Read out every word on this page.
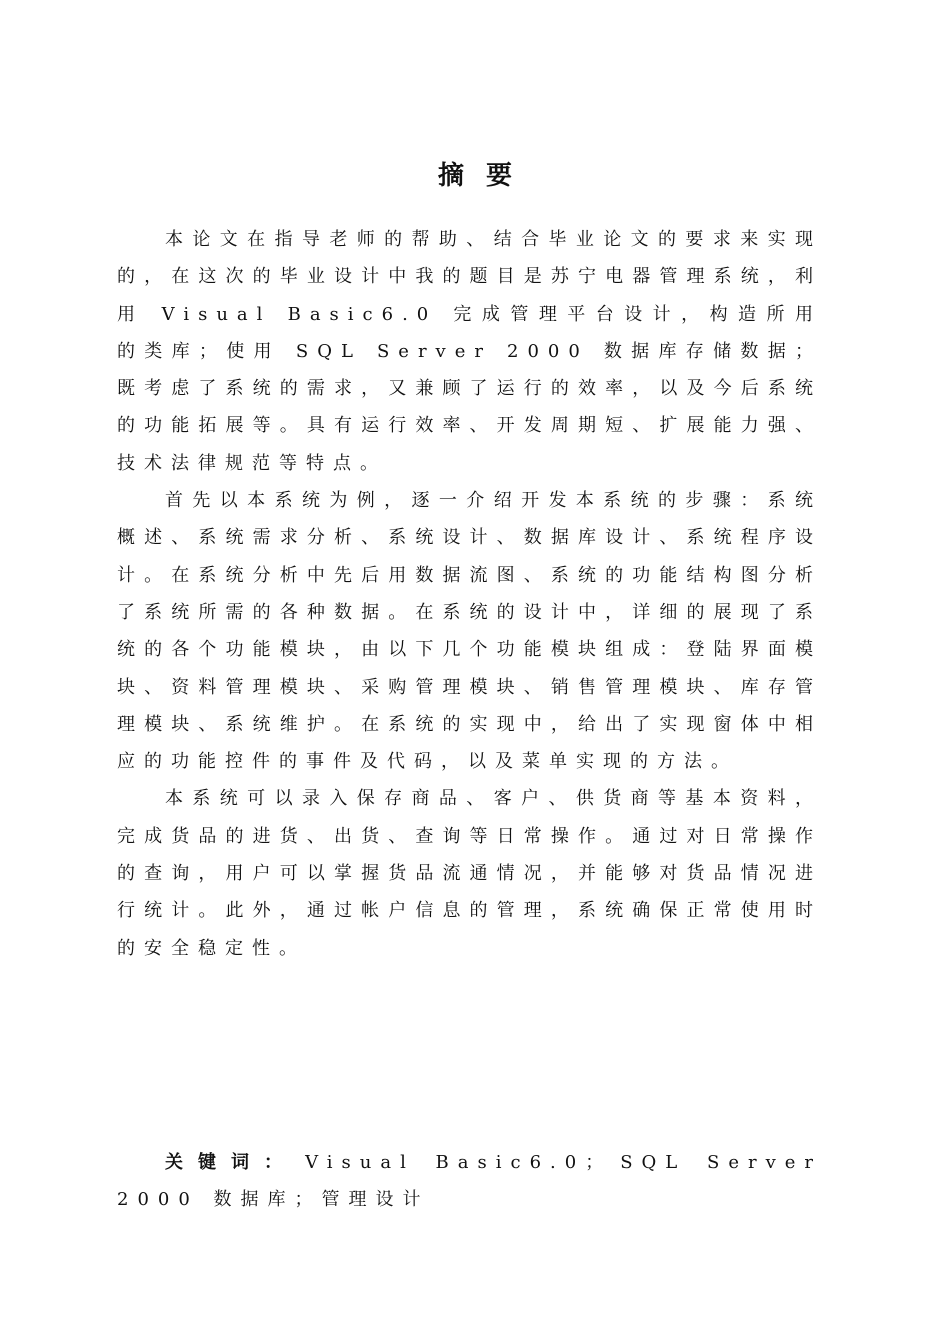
摘要

本论文在指导老师的帮助、结合毕业论文的要求来实现的，在这次的毕业设计中我的题目是苏宁电器管理系统，利用 Visual Basic6.0 完成管理平台设计，构造所用的类库；使用 SQL Server 2000 数据库存储数据；既考虑了系统的需求，又兼顾了运行的效率，以及今后系统的功能拓展等。具有运行效率、开发周期短、扩展能力强、技术法律规范等特点。

首先以本系统为例，逐一介绍开发本系统的步骤：系统概述、系统需求分析、系统设计、数据库设计、系统程序设计。在系统分析中先后用数据流图、系统的功能结构图分析了系统所需的各种数据。在系统的设计中，详细的展现了系统的各个功能模块，由以下几个功能模块组成：登陆界面模块、资料管理模块、采购管理模块、销售管理模块、库存管理模块、系统维护。在系统的实现中，给出了实现窗体中相应的功能控件的事件及代码，以及菜单实现的方法。

本系统可以录入保存商品、客户、供货商等基本资料，完成货品的进货、出货、查询等日常操作。通过对日常操作的查询，用户可以掌握货品流通情况，并能够对货品情况进行统计。此外，通过帐户信息的管理，系统确保正常使用时的安全稳定性。

关键词： Visual Basic6.0； SQL Server 2000 数据库；管理设计
